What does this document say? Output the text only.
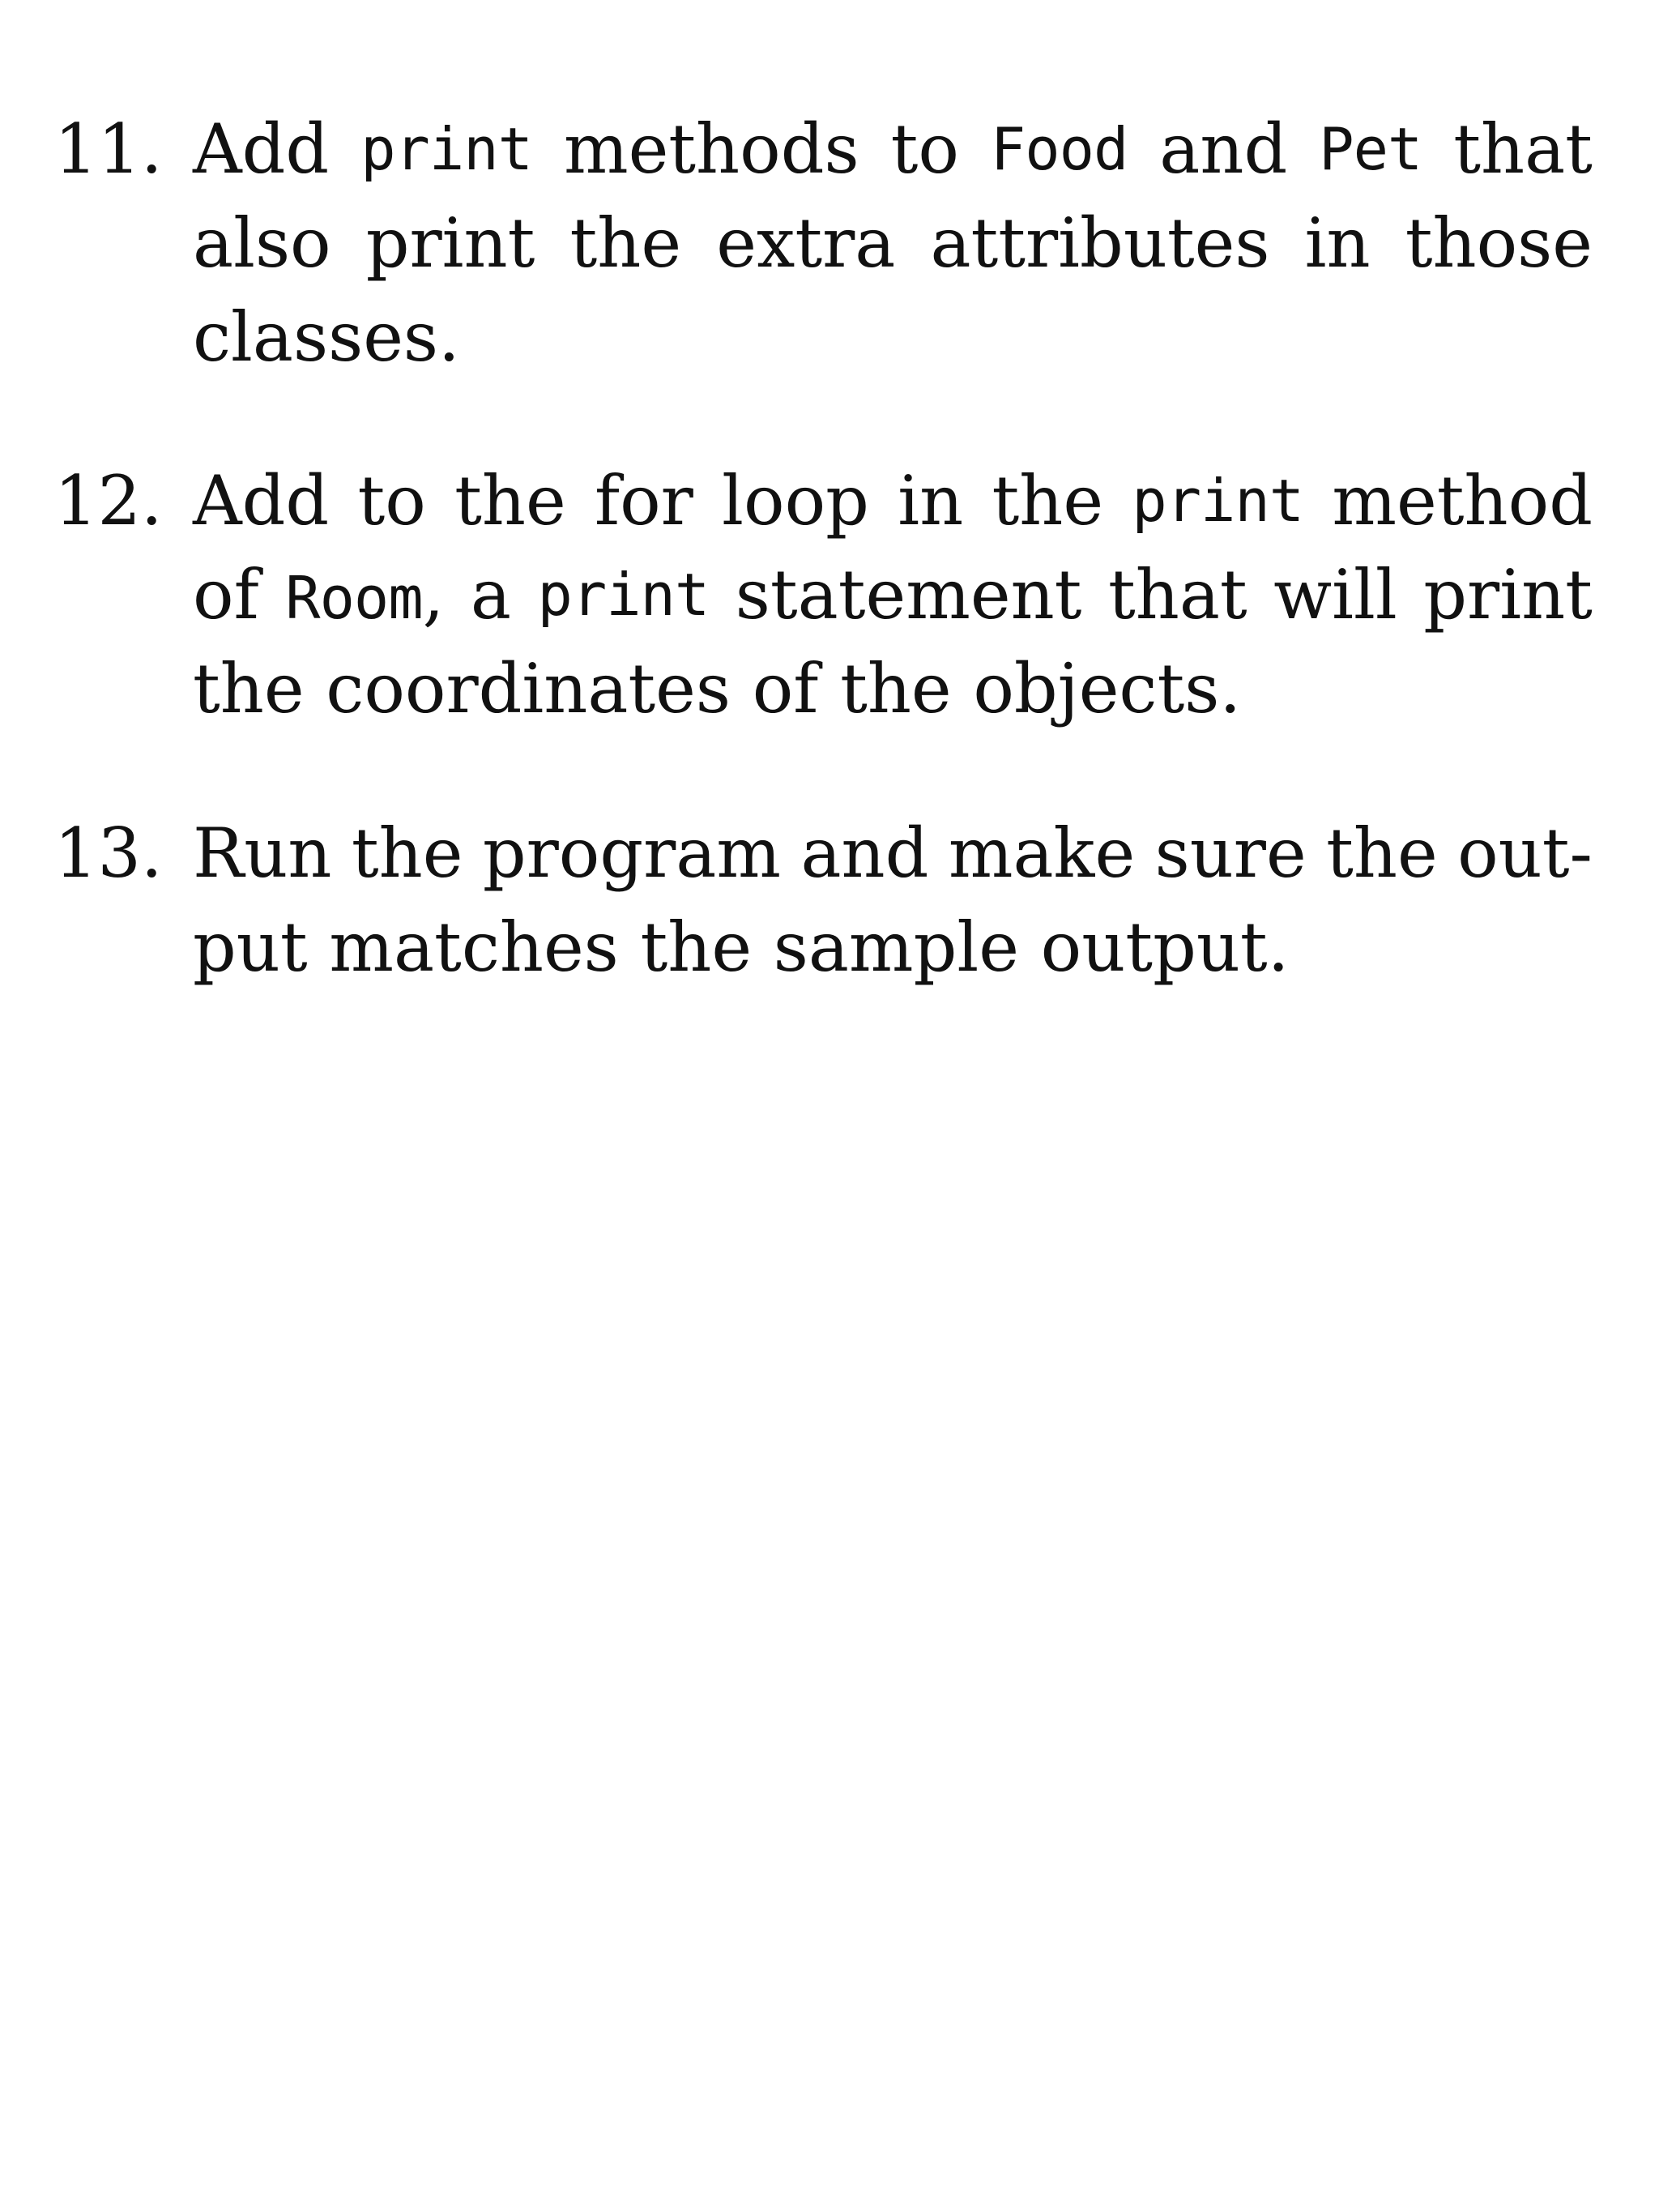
11. Add print methods to Food and Pet that
also print the extra attributes in those
classes.
12. Add to the for loop in the print method
of Room, a print statement that will print
the coordinates of the objects.
13. Run the program and make sure the out-
put matches the sample output.
